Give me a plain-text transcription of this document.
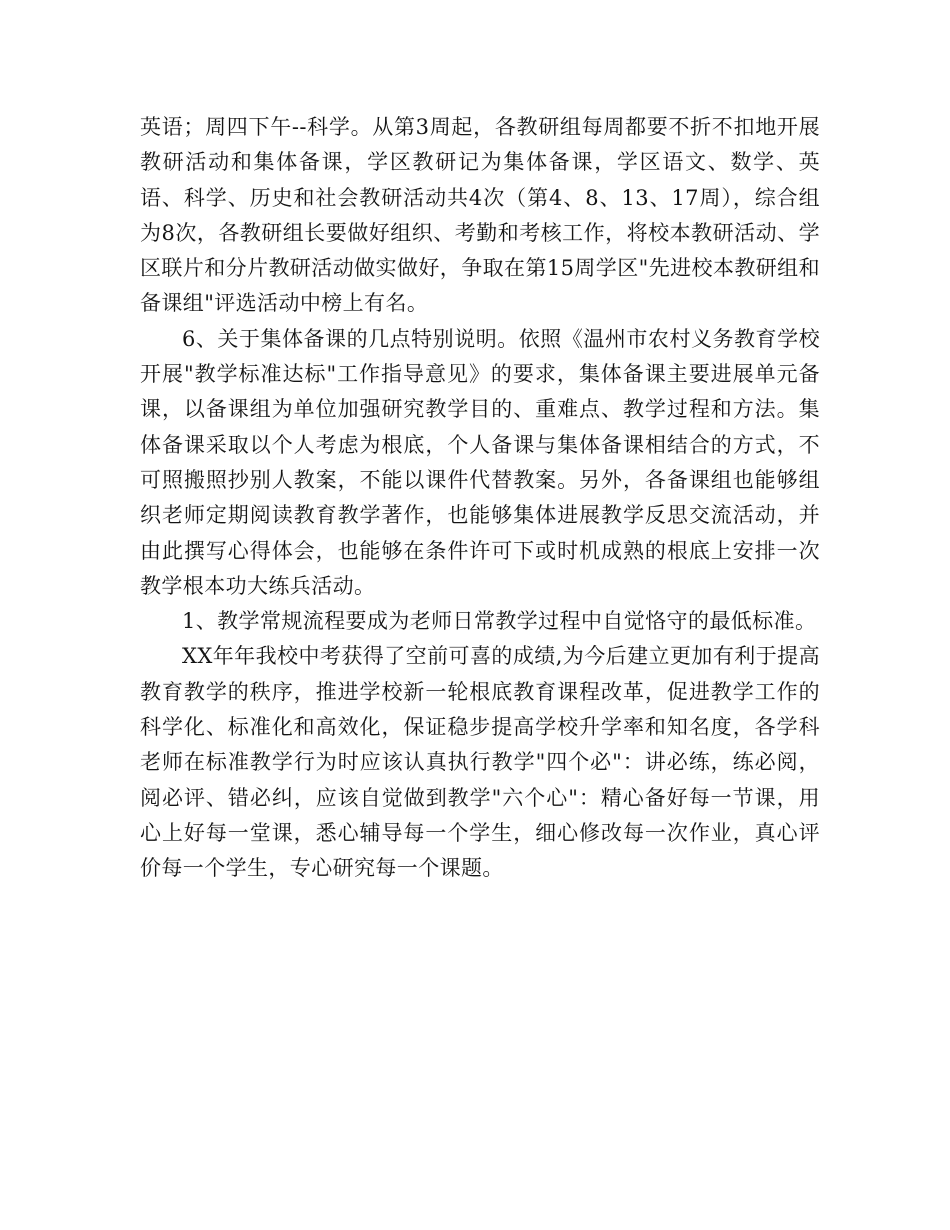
英语；周四下午--科学。从第3周起，各教研组每周都要不折不扣地开展教研活动和集体备课，学区教研记为集体备课，学区语文、数学、英语、科学、历史和社会教研活动共4次（第4、8、13、17周），综合组为8次，各教研组长要做好组织、考勤和考核工作，将校本教研活动、学区联片和分片教研活动做实做好，争取在第15周学区"先进校本教研组和备课组"评选活动中榜上有名。

6、关于集体备课的几点特别说明。依照《温州市农村义务教育学校开展"教学标准达标"工作指导意见》的要求，集体备课主要进展单元备课，以备课组为单位加强研究教学目的、重难点、教学过程和方法。集体备课采取以个人考虑为根底，个人备课与集体备课相结合的方式，不可照搬照抄别人教案，不能以课件代替教案。另外，各备课组也能够组织老师定期阅读教育教学著作，也能够集体进展教学反思交流活动，并由此撰写心得体会，也能够在条件许可下或时机成熟的根底上安排一次教学根本功大练兵活动。

1、教学常规流程要成为老师日常教学过程中自觉恪守的最低标准。

XX年年我校中考获得了空前可喜的成绩,为今后建立更加有利于提高教育教学的秩序，推进学校新一轮根底教育课程改革，促进教学工作的科学化、标准化和高效化，保证稳步提高学校升学率和知名度，各学科老师在标准教学行为时应该认真执行教学"四个必"：讲必练，练必阅，阅必评、错必纠，应该自觉做到教学"六个心"：精心备好每一节课，用心上好每一堂课，悉心辅导每一个学生，细心修改每一次作业，真心评价每一个学生，专心研究每一个课题。
